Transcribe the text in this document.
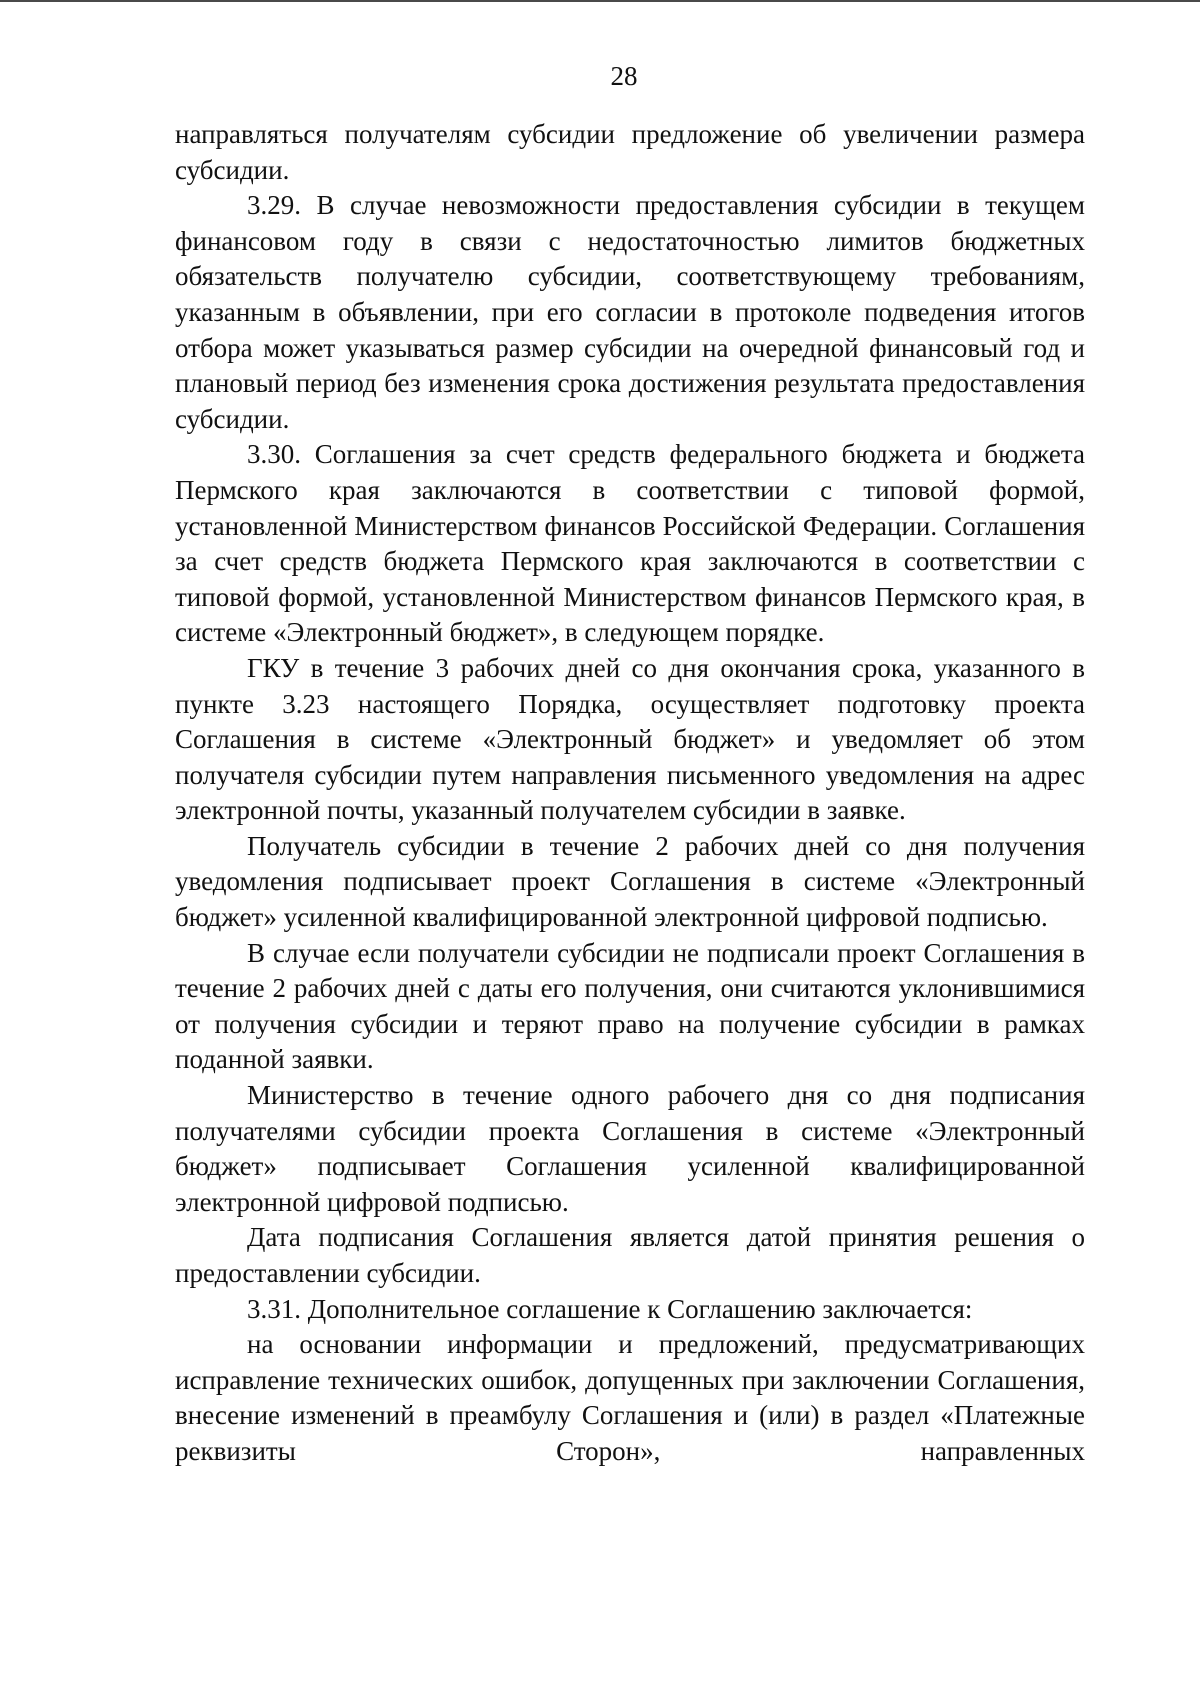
28

направляться получателям субсидии предложение об увеличении размера субсидии.

3.29. В случае невозможности предоставления субсидии в текущем финансовом году в связи с недостаточностью лимитов бюджетных обязательств получателю субсидии, соответствующему требованиям, указанным в объявлении, при его согласии в протоколе подведения итогов отбора может указываться размер субсидии на очередной финансовый год и плановый период без изменения срока достижения результата предоставления субсидии.

3.30. Соглашения за счет средств федерального бюджета и бюджета Пермского края заключаются в соответствии с типовой формой, установленной Министерством финансов Российской Федерации. Соглашения за счет средств бюджета Пермского края заключаются в соответствии с типовой формой, установленной Министерством финансов Пермского края, в системе «Электронный бюджет», в следующем порядке.

ГКУ в течение 3 рабочих дней со дня окончания срока, указанного в пункте 3.23 настоящего Порядка, осуществляет подготовку проекта Соглашения в системе «Электронный бюджет» и уведомляет об этом получателя субсидии путем направления письменного уведомления на адрес электронной почты, указанный получателем субсидии в заявке.

Получатель субсидии в течение 2 рабочих дней со дня получения уведомления подписывает проект Соглашения в системе «Электронный бюджет» усиленной квалифицированной электронной цифровой подписью.

В случае если получатели субсидии не подписали проект Соглашения в течение 2 рабочих дней с даты его получения, они считаются уклонившимися от получения субсидии и теряют право на получение субсидии в рамках поданной заявки.

Министерство в течение одного рабочего дня со дня подписания получателями субсидии проекта Соглашения в системе «Электронный бюджет» подписывает Соглашения усиленной квалифицированной электронной цифровой подписью.

Дата подписания Соглашения является датой принятия решения о предоставлении субсидии.

3.31. Дополнительное соглашение к Соглашению заключается:

на основании информации и предложений, предусматривающих исправление технических ошибок, допущенных при заключении Соглашения, внесение изменений в преамбулу Соглашения и (или) в раздел «Платежные реквизиты Сторон», направленных
